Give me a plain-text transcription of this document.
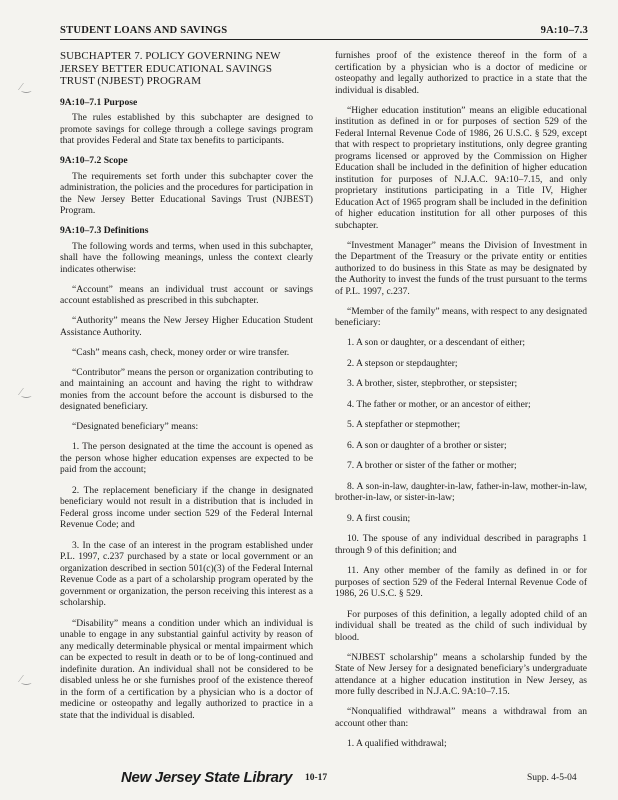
STUDENT LOANS AND SAVINGS	9A:10–7.3
⁄‿
⁄‿
⁄‿
SUBCHAPTER 7. POLICY GOVERNING NEW
JERSEY BETTER EDUCATIONAL SAVINGS
TRUST (NJBEST) PROGRAM
9A:10–7.1 Purpose

The rules established by this subchapter are designed to promote savings for college through a college savings program that provides Federal and State tax benefits to participants.

9A:10–7.2 Scope

The requirements set forth under this subchapter cover the administration, the policies and the procedures for participation in the New Jersey Better Educational Savings Trust (NJBEST) Program.

9A:10–7.3 Definitions

The following words and terms, when used in this subchapter, shall have the following meanings, unless the context clearly indicates otherwise:

“Account” means an individual trust account or savings account established as prescribed in this subchapter.

“Authority” means the New Jersey Higher Education Student Assistance Authority.

“Cash” means cash, check, money order or wire transfer.

“Contributor” means the person or organization contributing to and maintaining an account and having the right to withdraw monies from the account before the account is disbursed to the designated beneficiary.

“Designated beneficiary” means:

1. The person designated at the time the account is opened as the person whose higher education expenses are expected to be paid from the account;
2. The replacement beneficiary if the change in designated beneficiary would not result in a distribution that is included in Federal gross income under section 529 of the Federal Internal Revenue Code; and
3. In the case of an interest in the program established under P.L. 1997, c.237 purchased by a state or local government or an organization described in section 501(c)(3) of the Federal Internal Revenue Code as a part of a scholarship program operated by the government or organization, the person receiving this interest as a scholarship.

“Disability” means a condition under which an individual is unable to engage in any substantial gainful activity by reason of any medically determinable physical or mental impairment which can be expected to result in death or to be of long-continued and indefinite duration. An individual shall not be considered to be disabled unless he or she furnishes proof of the existence thereof in the form of a certification by a physician who is a doctor of medicine or osteopathy and legally authorized to practice in a state that the individual is disabled.

furnishes proof of the existence thereof in the form of a certification by a physician who is a doctor of medicine or osteopathy and legally authorized to practice in a state that the individual is disabled.

“Higher education institution” means an eligible educational institution as defined in or for purposes of section 529 of the Federal Internal Revenue Code of 1986, 26 U.S.C. § 529, except that with respect to proprietary institutions, only degree granting programs licensed or approved by the Commission on Higher Education shall be included in the definition of higher education institution for purposes of N.J.A.C. 9A:10–7.15, and only proprietary institutions participating in a Title IV, Higher Education Act of 1965 program shall be included in the definition of higher education institution for all other purposes of this subchapter.

“Investment Manager” means the Division of Investment in the Department of the Treasury or the private entity or entities authorized to do business in this State as may be designated by the Authority to invest the funds of the trust pursuant to the terms of P.L. 1997, c.237.

“Member of the family” means, with respect to any designated beneficiary:

1. A son or daughter, or a descendant of either;
2. A stepson or stepdaughter;
3. A brother, sister, stepbrother, or stepsister;
4. The father or mother, or an ancestor of either;
5. A stepfather or stepmother;
6. A son or daughter of a brother or sister;
7. A brother or sister of the father or mother;
8. A son-in-law, daughter-in-law, father-in-law, mother-in-law, brother-in-law, or sister-in-law;
9. A first cousin;
10. The spouse of any individual described in paragraphs 1 through 9 of this definition; and
11. Any other member of the family as defined in or for purposes of section 529 of the Federal Internal Revenue Code of 1986, 26 U.S.C. § 529.

For purposes of this definition, a legally adopted child of an individual shall be treated as the child of such individual by blood.

“NJBEST scholarship” means a scholarship funded by the State of New Jersey for a designated beneficiary’s undergraduate attendance at a higher education institution in New Jersey, as more fully described in N.J.A.C. 9A:10–7.15.

“Nonqualified withdrawal” means a withdrawal from an account other than:

1. A qualified withdrawal;
New Jersey State Library 10-17	Supp. 4-5-04
